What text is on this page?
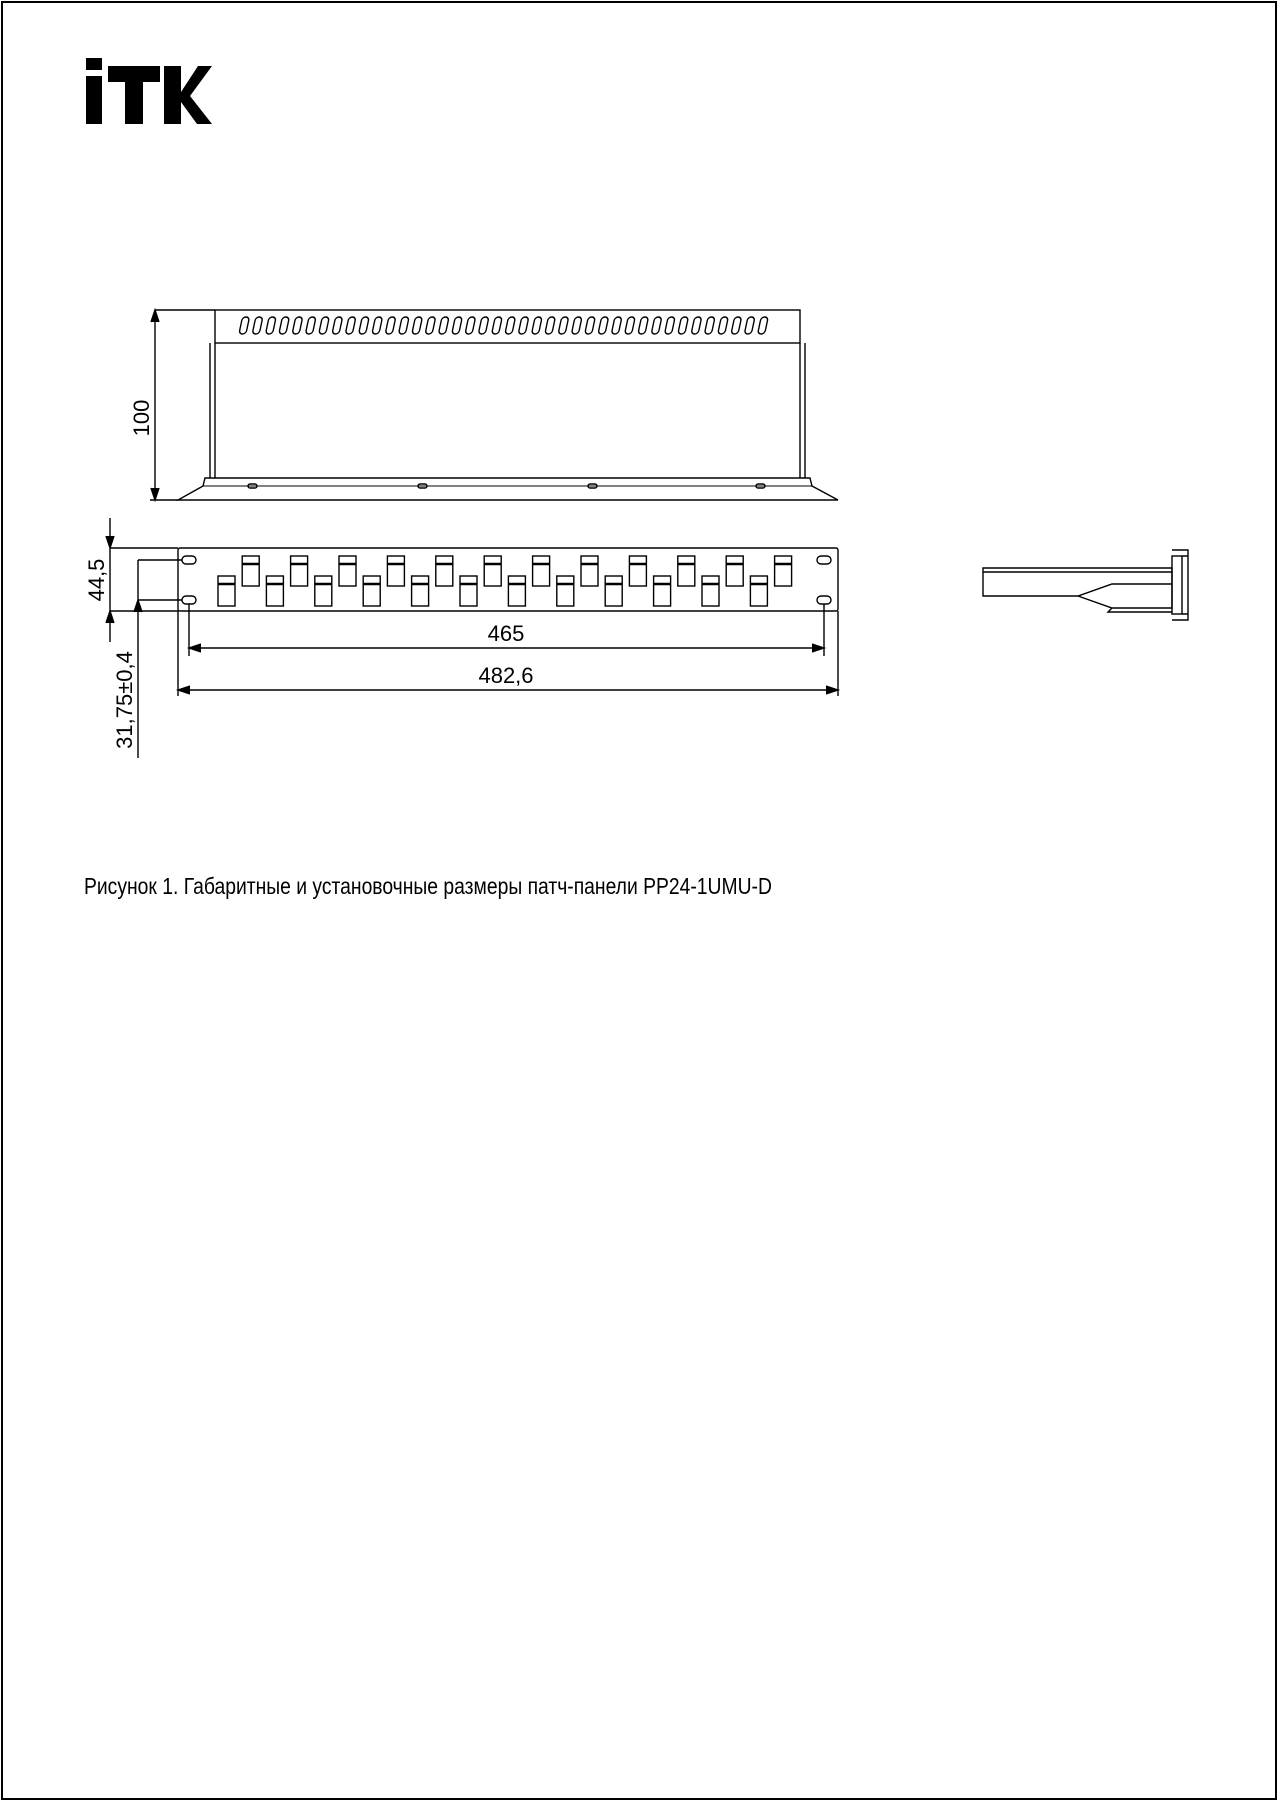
100
44,5
31,75±0,4
465
482,6
Рисунок 1. Габаритные и установочные размеры патч-панели PP24-1UMU-D
